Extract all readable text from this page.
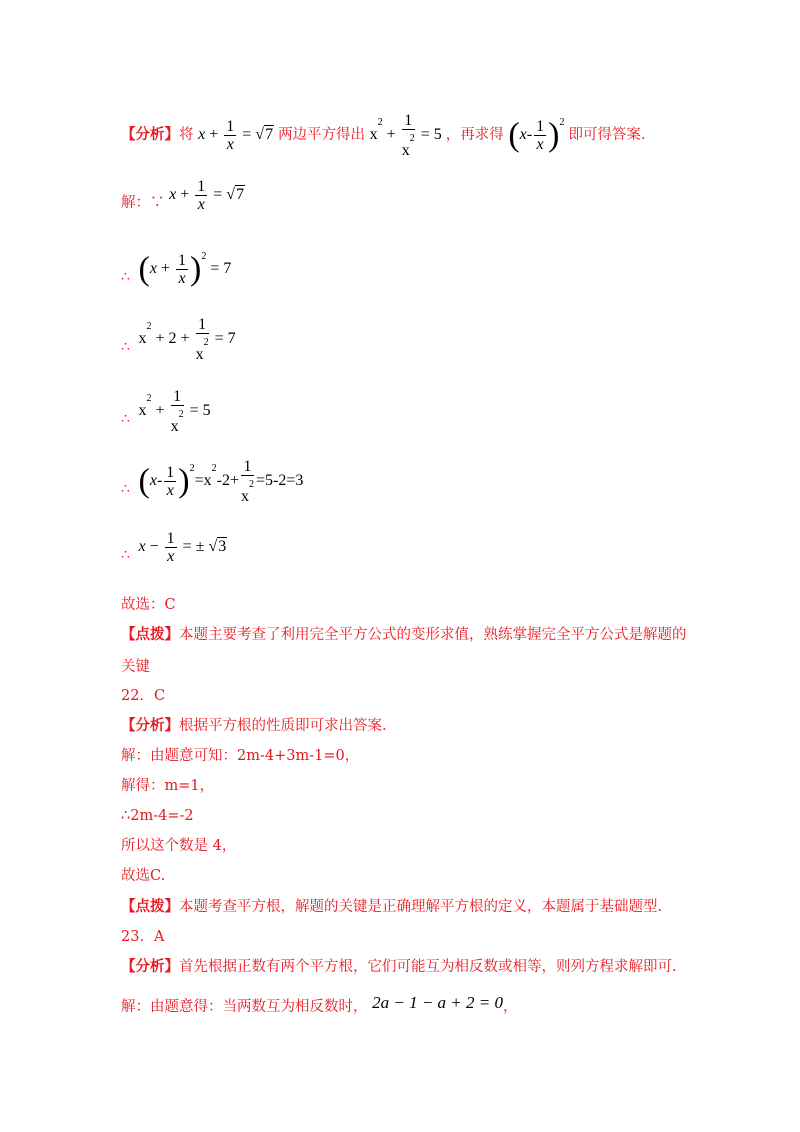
【分析】将 $x + \frac{1}{x} = √7$ 两边平方得出 $x^2 + \frac{1}{x^2} = 5$ ，再求得 $(x- \frac{1}{x} )^2$ 即可得答案.
解：∵ $x + \frac{1}{x} = √7$
∴ $(x + \frac{1}{x} )^2 = 7$
∴ $x^2 + 2 + \frac{1}{x^2} = 7$
∴ $x^2 + \frac{1}{x^2} = 5$
∴ $(x- \frac{1}{x} )^2=x^2-2+ \frac{1}{x^2} =5-2=3$
∴ $x - \frac{1}{x}$ = ± √3
故选：C
【点拨】本题主要考查了利用完全平方公式的变形求值，熟练掌握完全平方公式是解题的
关键
22．C
【分析】根据平方根的性质即可求出答案.
解：由题意可知：2m-4+3m-1=0，
解得：m=1，
∴2m-4=-2
所以这个数是 4，
故选C.
【点拨】本题考查平方根，解题的关键是正确理解平方根的定义，本题属于基础题型.
23．A
【分析】首先根据正数有两个平方根，它们可能互为相反数或相等，则列方程求解即可.
解：由题意得：当两数互为相反数时， 2a − 1 − a + 2 = 0，
